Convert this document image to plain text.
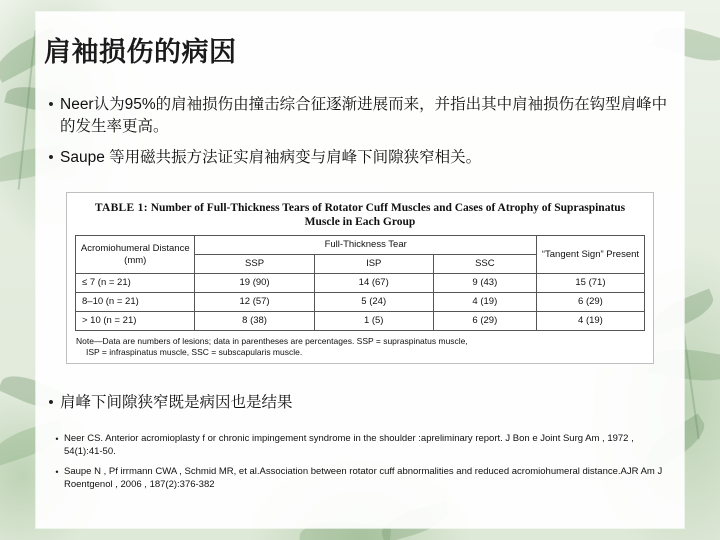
肩袖损伤的病因
• Neer认为95%的肩袖损伤由撞击综合征逐渐进展而来，并指出其中肩袖损伤在钩型肩峰中的发生率更高。
• Saupe 等用磁共振方法证实肩袖病变与肩峰下间隙狭窄相关。
TABLE 1: Number of Full-Thickness Tears of Rotator Cuff Muscles and Cases of Atrophy of Supraspinatus Muscle in Each Group
Acromiohumeral Distance (mm)	Full-Thickness Tear			“Tangent Sign” Present
	SSP	ISP	SSC	
≤ 7 (n = 21)	19 (90)	14 (67)	9 (43)	15 (71)
8–10 (n = 21)	12 (57)	5 (24)	4 (19)	6 (29)
> 10 (n = 21)	8 (38)	1 (5)	6 (29)	4 (19)
Note—Data are numbers of lesions; data in parentheses are percentages. SSP = supraspinatus muscle,
ISP = infraspinatus muscle, SSC = subscapularis muscle.
• 肩峰下间隙狭窄既是病因也是结果
• Neer CS. Anterior acromioplasty f or chronic impingement syndrome in the shoulder :apreliminary report. J Bon e Joint Surg Am , 1972 , 54(1):41-50.
• Saupe N , Pf irrmann CWA , Schmid MR, et al.Association between rotator cuff abnormalities and reduced acromiohumeral distance.AJR Am J Roentgenol , 2006 , 187(2):376-382
